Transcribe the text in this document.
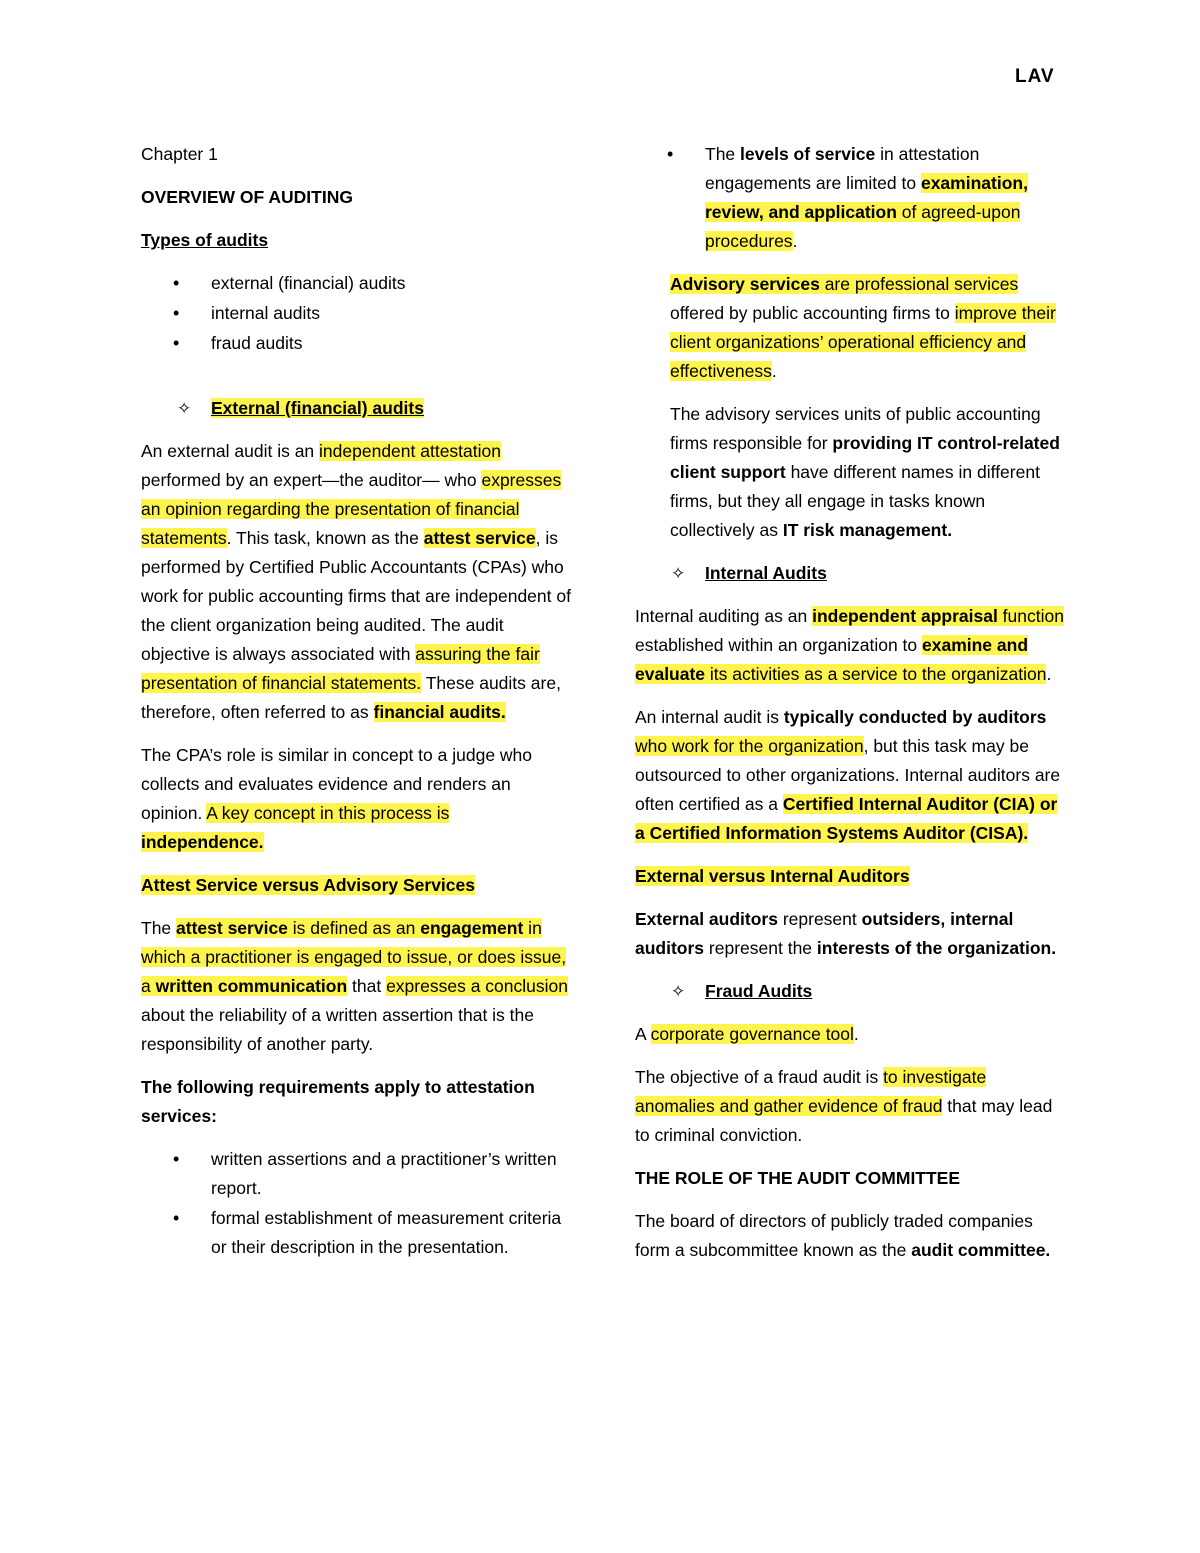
LAV

Chapter 1

OVERVIEW OF AUDITING

Types of audits

• external (financial) audits
• internal audits
• fraud audits
✧ External (financial) audits

An external audit is an independent attestation performed by an expert—the auditor— who expresses an opinion regarding the presentation of financial statements. This task, known as the attest service, is performed by Certified Public Accountants (CPAs) who work for public accounting firms that are independent of the client organization being audited. The audit objective is always associated with assuring the fair presentation of financial statements. These audits are, therefore, often referred to as financial audits.

The CPA’s role is similar in concept to a judge who collects and evaluates evidence and renders an opinion. A key concept in this process is independence.

Attest Service versus Advisory Services

The attest service is defined as an engagement in which a practitioner is engaged to issue, or does issue, a written communication that expresses a conclusion about the reliability of a written assertion that is the responsibility of another party.

The following requirements apply to attestation services:

• written assertions and a practitioner’s written report.
• formal establishment of measurement criteria or their description in the presentation.
• The levels of service in attestation engagements are limited to examination, review, and application of agreed-upon procedures.

Advisory services are professional services offered by public accounting firms to improve their client organizations’ operational efficiency and effectiveness.

The advisory services units of public accounting firms responsible for providing IT control-related client support have different names in different firms, but they all engage in tasks known collectively as IT risk management.

✧ Internal Audits

Internal auditing as an independent appraisal function established within an organization to examine and evaluate its activities as a service to the organization.

An internal audit is typically conducted by auditors who work for the organization, but this task may be outsourced to other organizations. Internal auditors are often certified as a Certified Internal Auditor (CIA) or a Certified Information Systems Auditor (CISA).

External versus Internal Auditors

External auditors represent outsiders, internal auditors represent the interests of the organization.

✧ Fraud Audits

A corporate governance tool.

The objective of a fraud audit is to investigate anomalies and gather evidence of fraud that may lead to criminal conviction.

THE ROLE OF THE AUDIT COMMITTEE

The board of directors of publicly traded companies form a subcommittee known as the audit committee.
